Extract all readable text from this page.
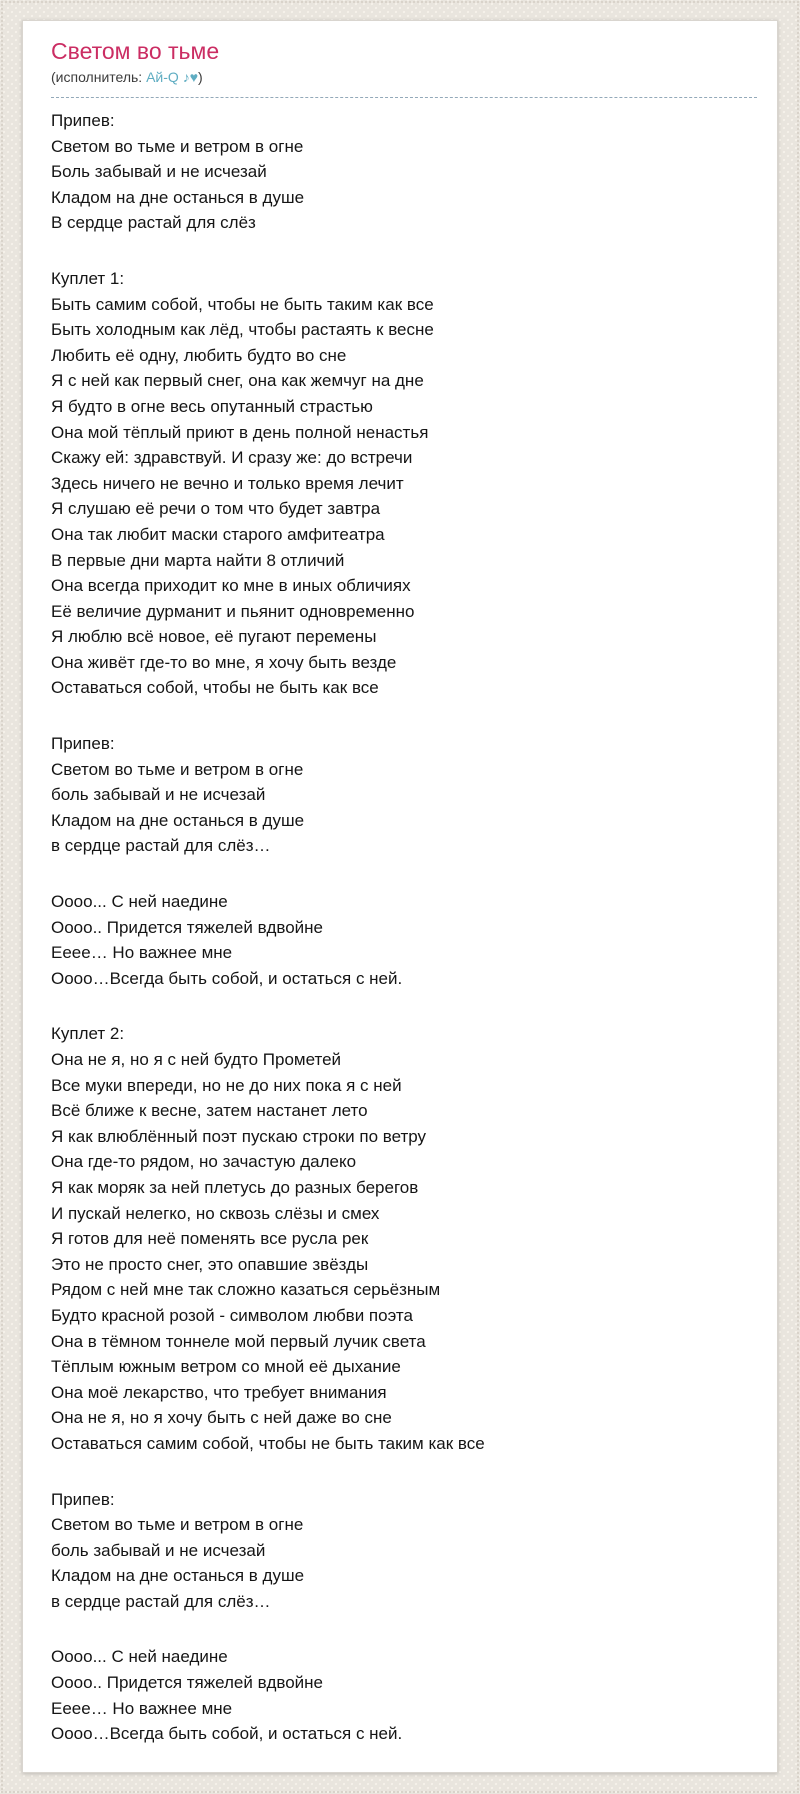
Светом во тьме
(исполнитель: Ай-Q ♪♥)
Припев:
Светом во тьме и ветром в огне
Боль забывай и не исчезай
Кладом на дне останься в душе
В сердце растай для слёз
Куплет 1:
Быть самим собой, чтобы не быть таким как все
Быть холодным как лёд, чтобы растаять к весне
Любить её одну, любить будто во сне
Я с ней как первый снег, она как жемчуг на дне
Я будто в огне весь опутанный страстью
Она мой тёплый приют в день полной ненастья
Скажу ей: здравствуй. И сразу же: до встречи
Здесь ничего не вечно и только время лечит
Я слушаю её речи о том что будет завтра
Она так любит маски старого амфитеатра
В первые дни марта найти 8 отличий
Она всегда приходит ко мне в иных обличиях
Её величие дурманит и пьянит одновременно
Я люблю всё новое, её пугают перемены
Она живёт где-то во мне, я хочу быть везде
Оставаться собой, чтобы не быть как все
Припев:
Светом во тьме и ветром в огне
боль забывай и не исчезай
Кладом на дне останься в душе
в сердце растай для слёз…
Оооо... С ней наедине
Оооо.. Придется тяжелей вдвойне
Ееее… Но важнее мне
Оооо…Всегда быть собой, и остаться с ней.
Куплет 2:
Она не я, но я с ней будто Прометей
Все муки впереди, но не до них пока я с ней
Всё ближе к весне, затем настанет лето
Я как влюблённый поэт пускаю строки по ветру
Она где-то рядом, но зачастую далеко
Я как моряк за ней плетусь до разных берегов
И пускай нелегко, но сквозь слёзы и смех
Я готов для неё поменять все русла рек
Это не просто снег, это опавшие звёзды
Рядом с ней мне так сложно казаться серьёзным
Будто красной розой - символом любви поэта
Она в тёмном тоннеле мой первый лучик света
Тёплым южным ветром со мной её дыхание
Она моё лекарство, что требует внимания
Она не я, но я хочу быть с ней даже во сне
Оставаться самим собой, чтобы не быть таким как все
Припев:
Светом во тьме и ветром в огне
боль забывай и не исчезай
Кладом на дне останься в душе
в сердце растай для слёз…
Оооо... С ней наедине
Оооо.. Придется тяжелей вдвойне
Ееее… Но важнее мне
Оооо…Всегда быть собой, и остаться с ней.
